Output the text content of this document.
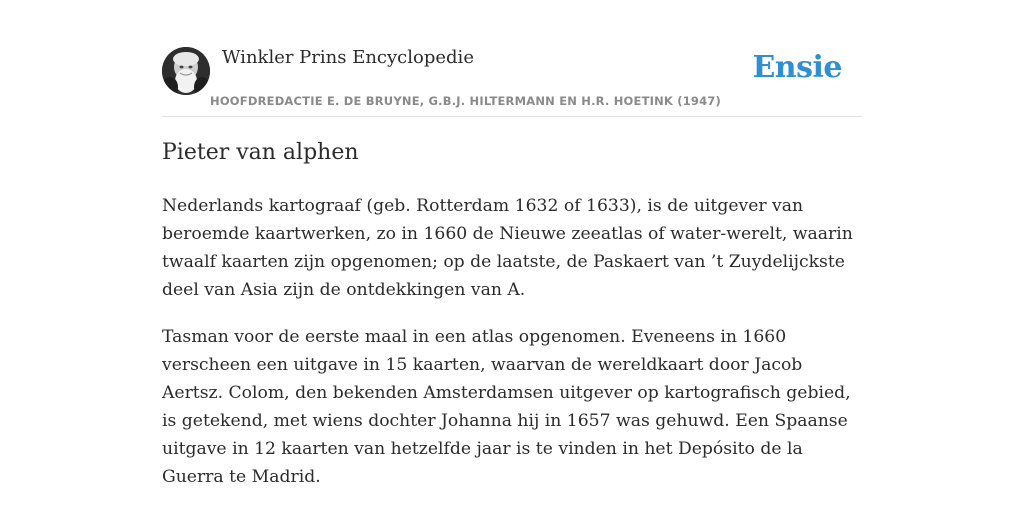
Winkler Prins Encyclopedie
HOOFDREDACTIE E. DE BRUYNE, G.B.J. HILTERMANN EN H.R. HOETINK (1947)
Ensie
Pieter van alphen

Nederlands kartograaf (geb. Rotterdam 1632 of 1633), is de uitgever van beroemde kaartwerken, zo in 1660 de Nieuwe zeeatlas of water-werelt, waarin twaalf kaarten zijn opgenomen; op de laatste, de Paskaert van ’t Zuydelijckste deel van Asia zijn de ontdekkingen van A.

Tasman voor de eerste maal in een atlas opgenomen. Eveneens in 1660 verscheen een uitgave in 15 kaarten, waarvan de wereldkaart door Jacob Aertsz. Colom, den bekenden Amsterdamsen uitgever op kartografisch gebied, is getekend, met wiens dochter Johanna hij in 1657 was gehuwd. Een Spaanse uitgave in 12 kaarten van hetzelfde jaar is te vinden in het Depósito de la Guerra te Madrid.
